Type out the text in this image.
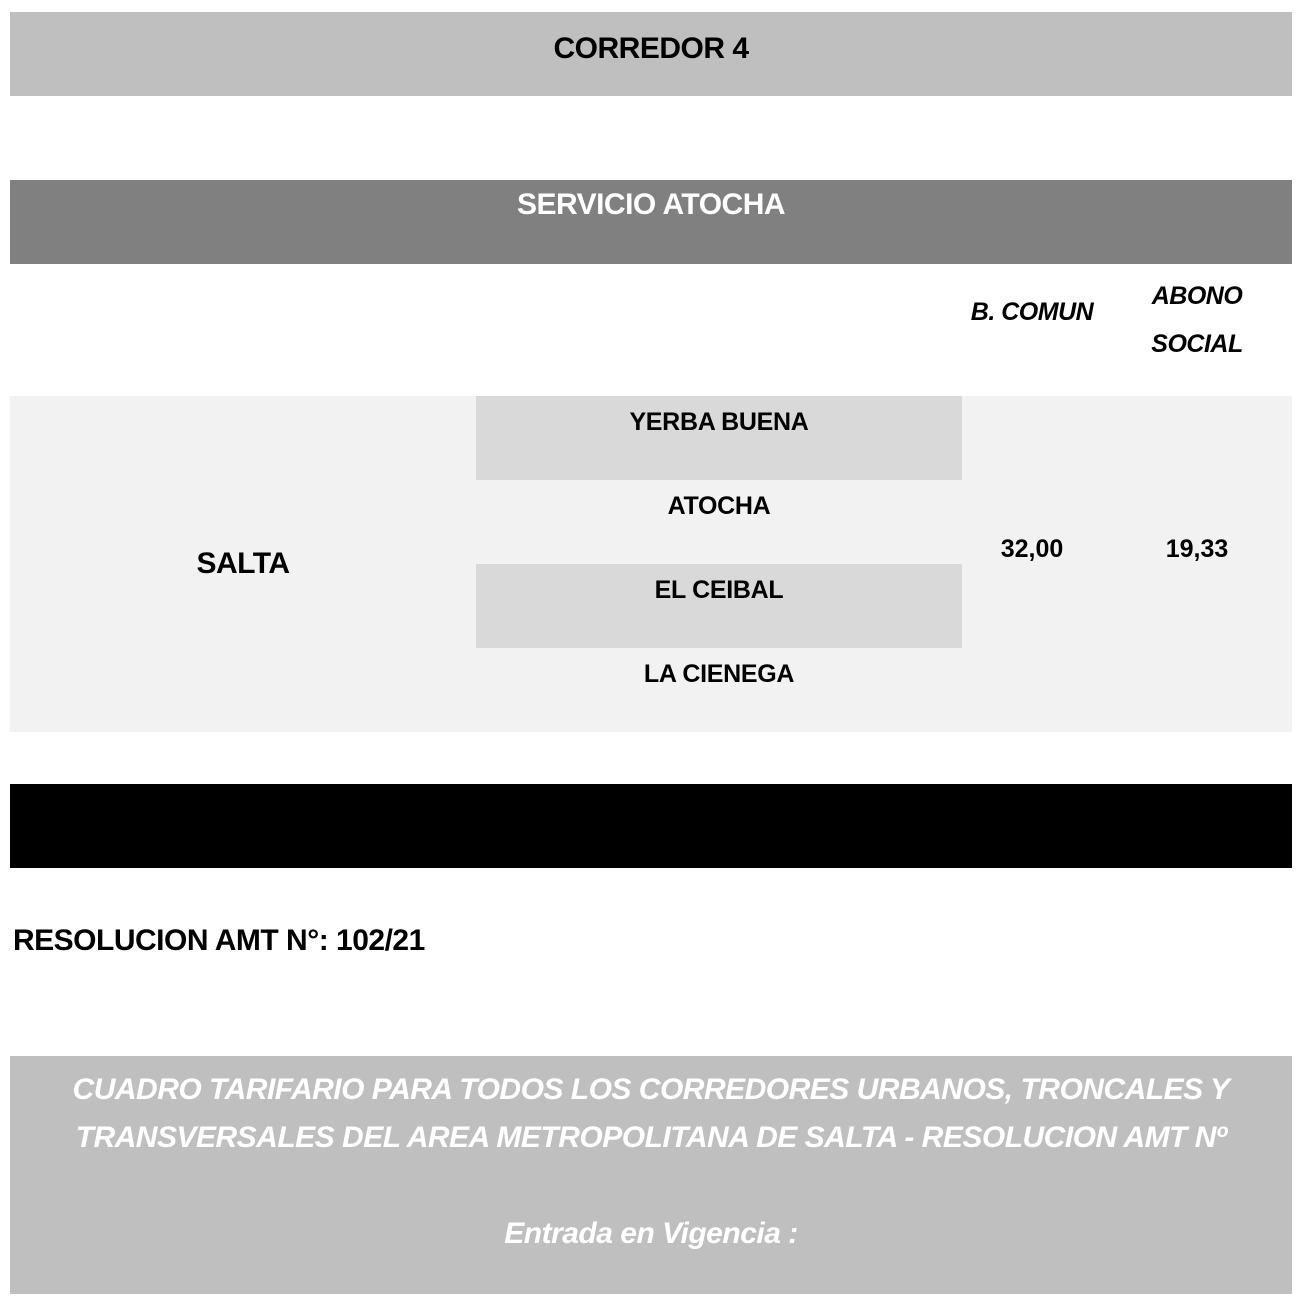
CORREDOR 4
SERVICIO ATOCHA
B. COMUN
ABONO
SOCIAL
SALTA
YERBA BUENA
ATOCHA
EL CEIBAL
LA CIENEGA
32,00	19,33
RESOLUCION AMT N°: 102/21
CUADRO TARIFARIO PARA TODOS LOS CORREDORES URBANOS, TRONCALES Y TRANSVERSALES DEL AREA METROPOLITANA DE SALTA - RESOLUCION AMT Nº
Entrada en Vigencia :
